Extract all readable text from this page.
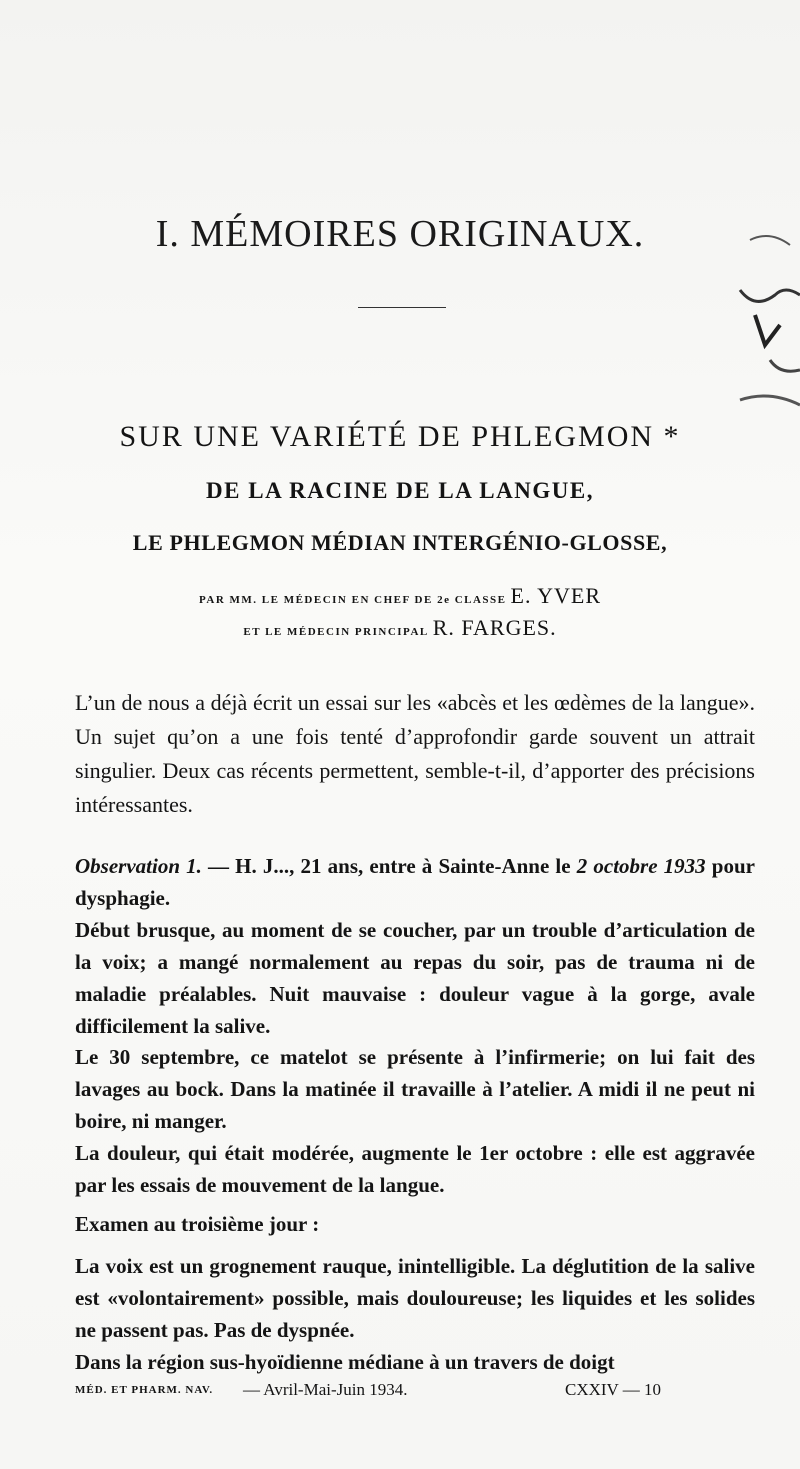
I. MÉMOIRES ORIGINAUX.
SUR UNE VARIÉTÉ DE PHLEGMON *
DE LA RACINE DE LA LANGUE,
LE PHLEGMON MÉDIAN INTERGÉNIO-GLOSSE,
PAR MM. LE MÉDECIN EN CHEF DE 2e CLASSE E. YVER
ET LE MÉDECIN PRINCIPAL R. FARGES.

L’un de nous a déjà écrit un essai sur les «abcès et les œdèmes de la langue». Un sujet qu’on a une fois tenté d’approfondir garde souvent un attrait singulier. Deux cas récents permettent, semble-t-il, d’apporter des précisions intéressantes.

Observation 1. — H. J..., 21 ans, entre à Sainte-Anne le 2 octobre 1933 pour dysphagie.

Début brusque, au moment de se coucher, par un trouble d’articulation de la voix; a mangé normalement au repas du soir, pas de trauma ni de maladie préalables. Nuit mauvaise : douleur vague à la gorge, avale difficilement la salive.

Le 30 septembre, ce matelot se présente à l’infirmerie; on lui fait des lavages au bock. Dans la matinée il travaille à l’atelier. A midi il ne peut ni boire, ni manger.

La douleur, qui était modérée, augmente le 1er octobre : elle est aggravée par les essais de mouvement de la langue.

Examen au troisième jour :

La voix est un grognement rauque, inintelligible. La déglutition de la salive est «volontairement» possible, mais douloureuse; les liquides et les solides ne passent pas. Pas de dyspnée.

Dans la région sus-hyoïdienne médiane à un travers de doigt

MÉD. ET PHARM. NAV. — Avril-Mai-Juin 1934.	CXXIV — 10
